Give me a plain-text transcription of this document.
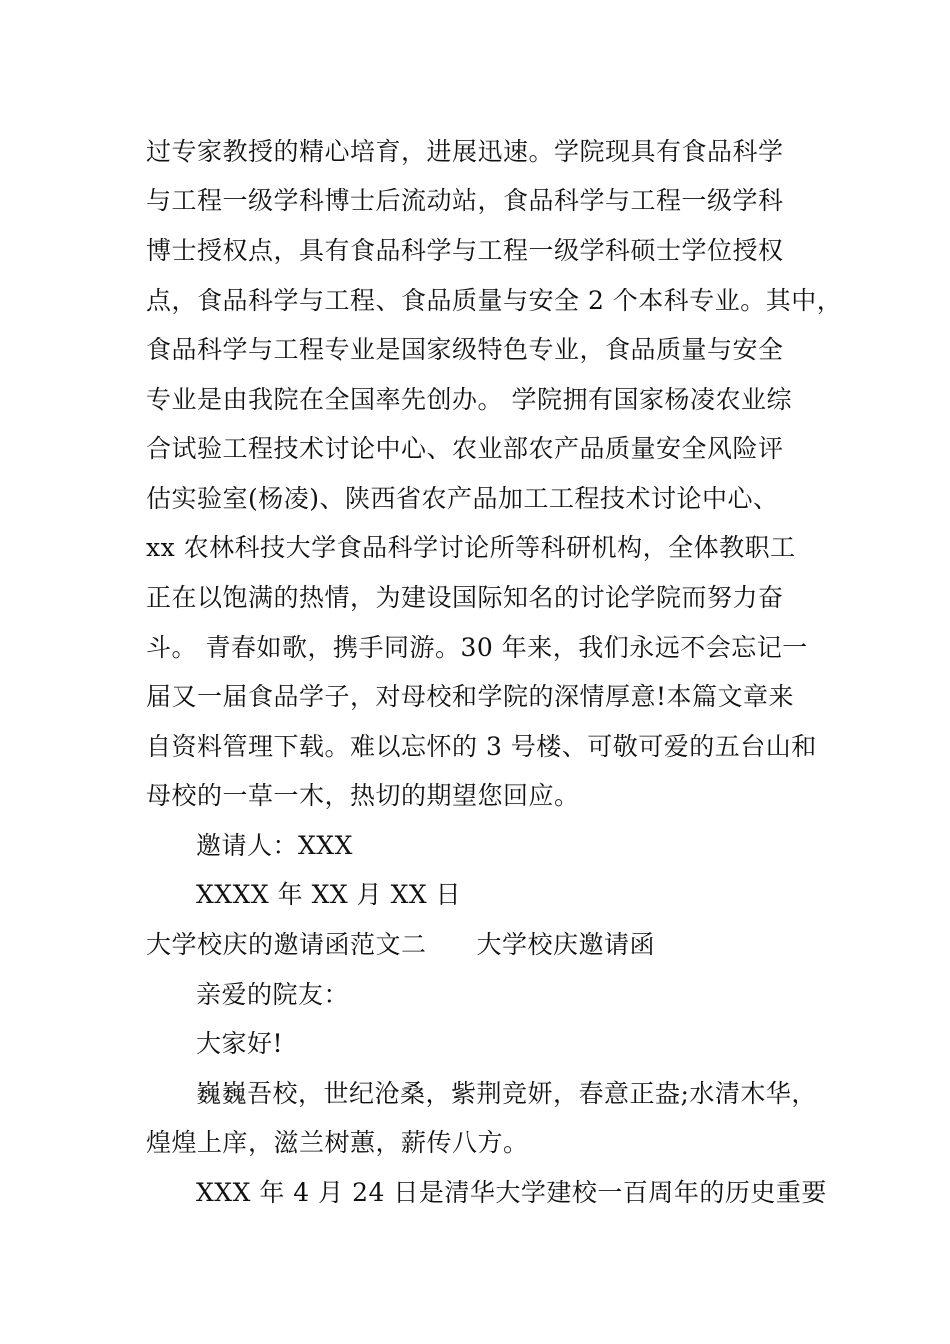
过专家教授的精心培育，进展迅速。学院现具有食品科学
与工程一级学科博士后流动站，食品科学与工程一级学科
博士授权点，具有食品科学与工程一级学科硕士学位授权
点，食品科学与工程、食品质量与安全 2 个本科专业。其中，
食品科学与工程专业是国家级特色专业，食品质量与安全
专业是由我院在全国率先创办。 学院拥有国家杨凌农业综
合试验工程技术讨论中心、农业部农产品质量安全风险评
估实验室(杨凌)、陕西省农产品加工工程技术讨论中心、
xx 农林科技大学食品科学讨论所等科研机构，全体教职工
正在以饱满的热情，为建设国际知名的讨论学院而努力奋
斗。 青春如歌，携手同游。30 年来，我们永远不会忘记一
届又一届食品学子，对母校和学院的深情厚意!本篇文章来
自资料管理下载。难以忘怀的 3 号楼、可敬可爱的五台山和
母校的一草一木，热切的期望您回应。
邀请人：XXX
XXXX 年 XX 月 XX 日
大学校庆的邀请函范文二 大学校庆邀请函
亲爱的院友：
大家好!
巍巍吾校，世纪沧桑，紫荆竞妍，春意正盎;水清木华，
煌煌上庠，滋兰树蕙，薪传八方。
XXX 年 4 月 24 日是清华大学建校一百周年的历史重要
